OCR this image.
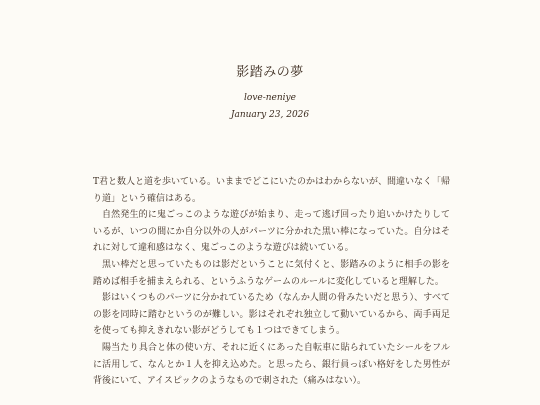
影踏みの夢
love-neniye
January 23, 2026

T君と数人と道を歩いている。いままでどこにいたのかはわからないが、間違いなく「帰り道」という確信はある。

自然発生的に鬼ごっこのような遊びが始まり、走って逃げ回ったり追いかけたりしているが、いつの間にか自分以外の人がパーツに分かれた黒い棒になっていた。自分はそれに対して違和感はなく、鬼ごっこのような遊びは続いている。

黒い棒だと思っていたものは影だということに気付くと、影踏みのように相手の影を踏めば相手を捕まえられる、というふうなゲームのルールに変化していると理解した。

影はいくつものパーツに分かれているため（なんか人間の骨みたいだと思う）、すべての影を同時に踏むというのが難しい。影はそれぞれ独立して動いているから、両手両足を使っても抑えきれない影がどうしても１つはできてしまう。

陽当たり具合と体の使い方、それに近くにあった自転車に貼られていたシールをフルに活用して、なんとか１人を抑え込めた。と思ったら、銀行員っぽい格好をした男性が背後にいて、アイスピックのようなもので刺された（痛みはない）。
